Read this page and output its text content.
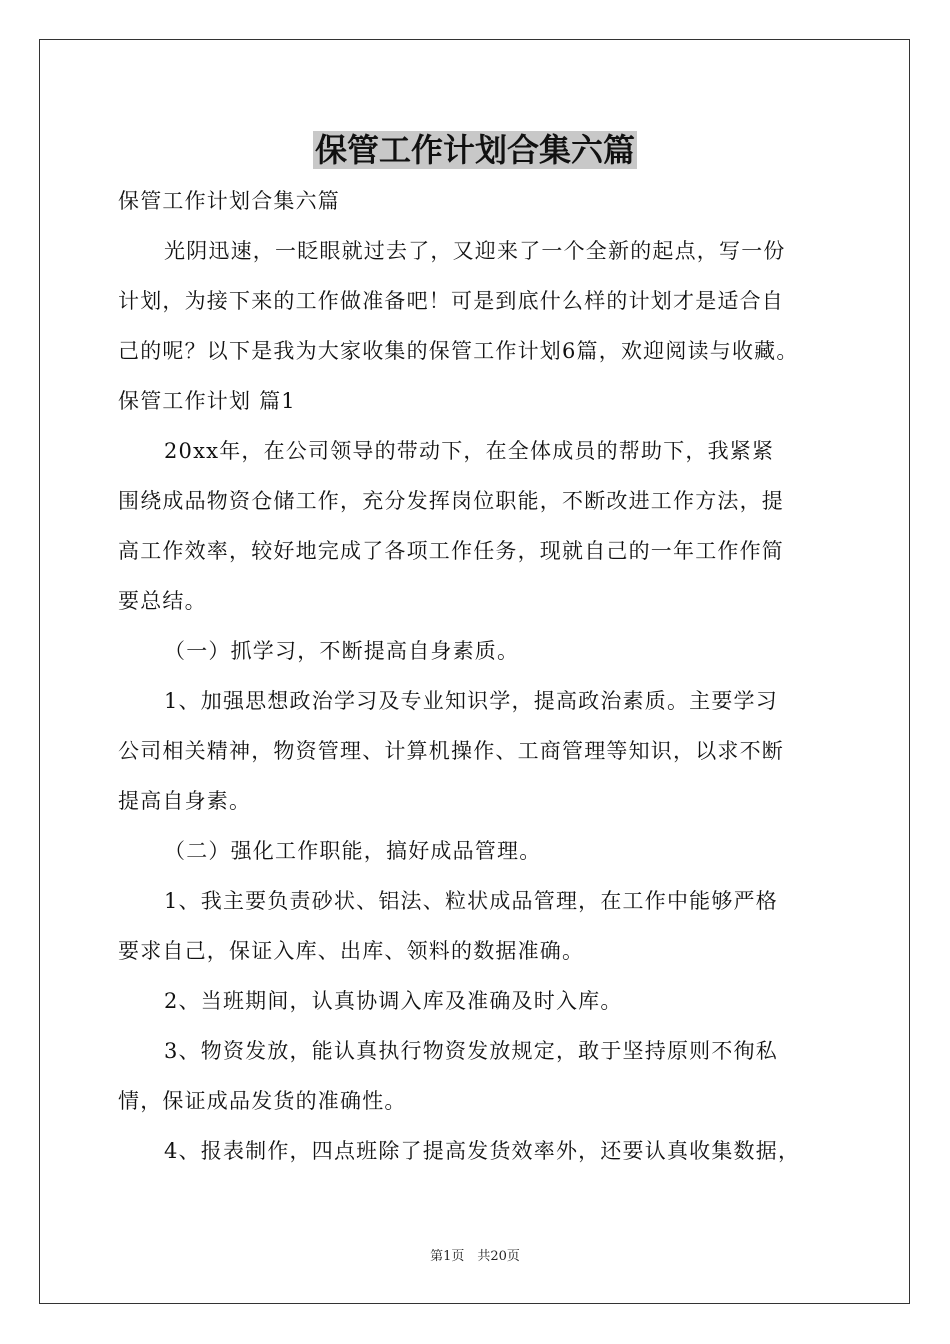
保管工作计划合集六篇
保管工作计划合集六篇
光阴迅速，一眨眼就过去了，又迎来了一个全新的起点，写一份
计划，为接下来的工作做准备吧！可是到底什么样的计划才是适合自
己的呢？以下是我为大家收集的保管工作计划6篇，欢迎阅读与收藏。
保管工作计划 篇1
20xx年，在公司领导的带动下，在全体成员的帮助下，我紧紧
围绕成品物资仓储工作，充分发挥岗位职能，不断改进工作方法，提
高工作效率，较好地完成了各项工作任务，现就自己的一年工作作简
要总结。
（一）抓学习，不断提高自身素质。
1、加强思想政治学习及专业知识学，提高政治素质。主要学习
公司相关精神，物资管理、计算机操作、工商管理等知识，以求不断
提高自身素。
（二）强化工作职能，搞好成品管理。
1、我主要负责砂状、铝法、粒状成品管理，在工作中能够严格
要求自己，保证入库、出库、领料的数据准确。
2、当班期间，认真协调入库及准确及时入库。
3、物资发放，能认真执行物资发放规定，敢于坚持原则不徇私
情，保证成品发货的准确性。
4、报表制作，四点班除了提高发货效率外，还要认真收集数据，
第1页　共20页
